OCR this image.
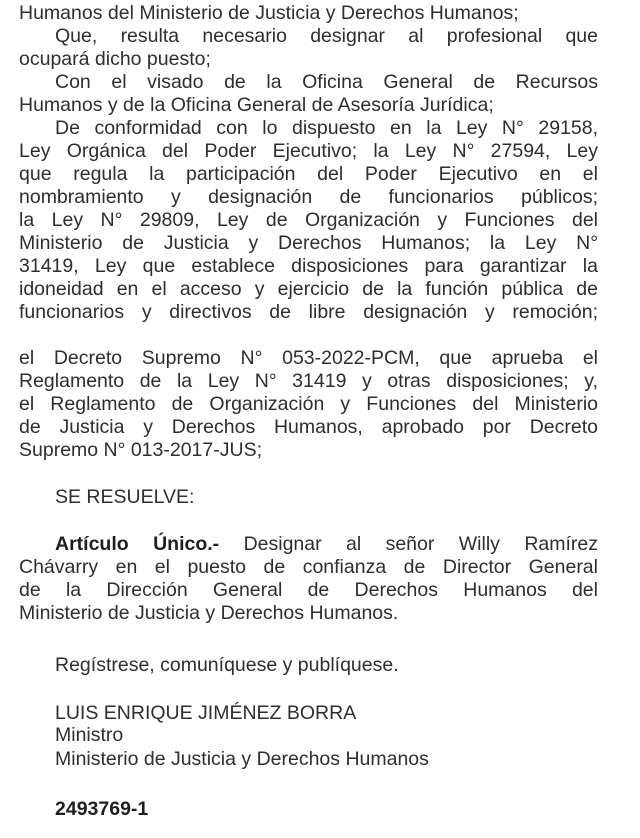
Humanos del Ministerio de Justicia y Derechos Humanos;
Que, resulta necesario designar al profesional que
ocupará dicho puesto;
Con el visado de la Oficina General de Recursos
Humanos y de la Oficina General de Asesoría Jurídica;
De conformidad con lo dispuesto en la Ley N° 29158,
Ley Orgánica del Poder Ejecutivo; la Ley N° 27594, Ley
que regula la participación del Poder Ejecutivo en el
nombramiento y designación de funcionarios públicos;
la Ley N° 29809, Ley de Organización y Funciones del
Ministerio de Justicia y Derechos Humanos; la Ley N°
31419, Ley que establece disposiciones para garantizar la
idoneidad en el acceso y ejercicio de la función pública de
funcionarios y directivos de libre designación y remoción;
el Decreto Supremo N° 053-2022-PCM, que aprueba el
Reglamento de la Ley N° 31419 y otras disposiciones; y,
el Reglamento de Organización y Funciones del Ministerio
de Justicia y Derechos Humanos, aprobado por Decreto
Supremo N° 013-2017-JUS;
SE RESUELVE:
Artículo Único.- Designar al señor Willy Ramírez
Chávarry en el puesto de confianza de Director General
de la Dirección General de Derechos Humanos del
Ministerio de Justicia y Derechos Humanos.
Regístrese, comuníquese y publíquese.
LUIS ENRIQUE JIMÉNEZ BORRA
Ministro
Ministerio de Justicia y Derechos Humanos
2493769-1
